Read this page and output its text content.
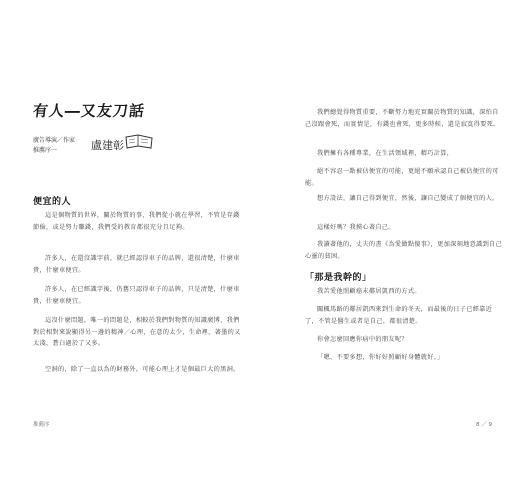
有人―又友刀話
廣告導演／作家
推薦序一	盧建彰
便宜的人

這是個物質的世界，關於物質的事，我們從小就在學習，不管是存錢節儉，或是努力賺錢，我們受的教育都很充分且足夠。

許多人，在還沒識字前，就已經認得車子的品牌，還很清楚，什麼車貴，什麼車便宜。

許多人，在已經識字後，仍舊只認得車子的品牌，只是清楚，什麼車貴，什麼車便宜。

這沒什麼問題，唯一的問題是，相較於我們對物質的知識廣博，我們對於相對來說顯得另一邊的精神／心理，在意的太少，生命裡，著墨的又太淺，蒼白過於了又多。

空洞的，除了一直以為的財務外，可能心理上才是個最巨大的黑洞。

推薦序

我們總覺得物質重要，不斷努力地充實關於物質的知識，深怕自己沒跟會死，而實情是，有錢也會死，更多時候，還是寂寞得要死。

我們擁有各種專業，在生活領域裡，精巧計算，

絕不容忍一點被佔便宜的可能，更絕不願承認自己被佔便宜的可能。

想方設法，讓自己得到便宜，然後，讓自己變成了個便宜的人。

這樣好嗎？我摸心著自己。

我讀著他的，丈夫的書《為愛做點傻事》，更加深刻地意識到自己心靈的貧困。

「那是我幹的」

我苦愛他照顧癌末鄰居凱西的方式。

關楓馬路的鄰居凱西來到生命的冬天，而最後的日子已經靠近了，不管是醫生或者是自己，都很清楚。

你會怎麼回應你病中的朋友呢？

「嗯，不要多想，你好好照顧好身體就好。」

8 ／ 9
